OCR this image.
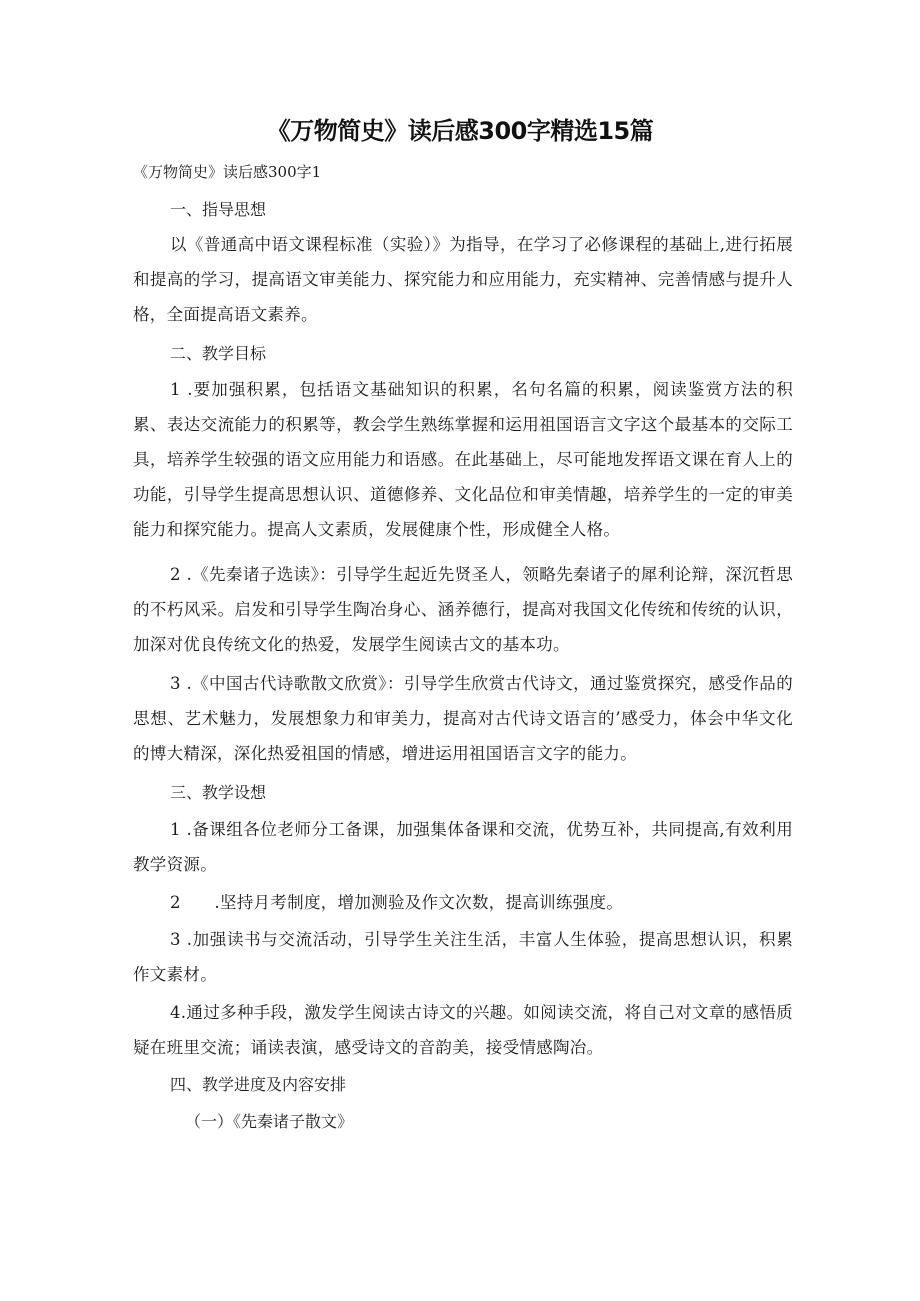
《万物简史》读后感300字精选15篇

《万物简史》读后感300字1

一、指导思想

以《普通高中语文课程标准（实验）》为指导，在学习了必修课程的基础上,进行拓展和提高的学习，提高语文审美能力、探究能力和应用能力，充实精神、完善情感与提升人格，全面提高语文素养。

二、教学目标

1 .要加强积累，包括语文基础知识的积累，名句名篇的积累，阅读鉴赏方法的积累、表达交流能力的积累等，教会学生熟练掌握和运用祖国语言文字这个最基本的交际工具，培养学生较强的语文应用能力和语感。在此基础上，尽可能地发挥语文课在育人上的功能，引导学生提高思想认识、道德修养、文化品位和审美情趣，培养学生的一定的审美能力和探究能力。提高人文素质，发展健康个性，形成健全人格。

2 .《先秦诸子选读》：引导学生起近先贤圣人，领略先秦诸子的犀利论辩，深沉哲思的不朽风采。启发和引导学生陶冶身心、涵养德行，提高对我国文化传统和传统的认识，加深对优良传统文化的热爱，发展学生阅读古文的基本功。

3 .《中国古代诗歌散文欣赏》：引导学生欣赏古代诗文，通过鉴赏探究，感受作品的思想、艺术魅力，发展想象力和审美力，提高对古代诗文语言的’感受力，体会中华文化的博大精深，深化热爱祖国的情感，增进运用祖国语言文字的能力。

三、教学设想

1 .备课组各位老师分工备课，加强集体备课和交流，优势互补，共同提高,有效利用教学资源。

2　　.坚持月考制度，增加测验及作文次数，提高训练强度。

3 .加强读书与交流活动，引导学生关注生活，丰富人生体验，提高思想认识，积累作文素材。

4.通过多种手段，激发学生阅读古诗文的兴趣。如阅读交流，将自己对文章的感悟质疑在班里交流；诵读表演，感受诗文的音韵美，接受情感陶冶。

四、教学进度及内容安排

（一）《先秦诸子散文》
